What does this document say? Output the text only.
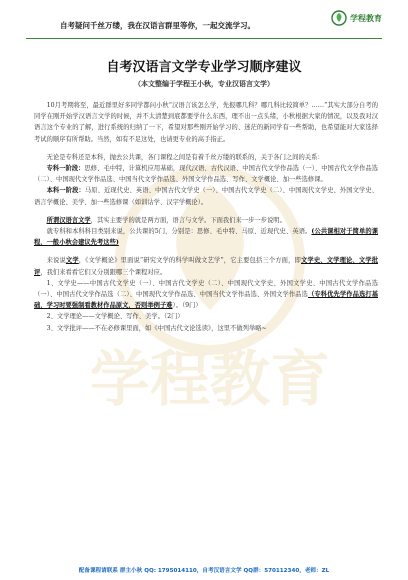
学程教育
自考疑问千丝万缕，我在汉语言群里等你，一起交流学习。
学程教育
自考汉语言文学专业学习顺序建议
（本文整编于学程王小秋，专业汉语言文学）

10月考期将至，最近群里好多同学都问小秋“汉语言该怎么学，先报哪几科？哪几科比较简单？……”其实大部分自考的同学在刚开始学汉语言文学的时候，并不太清楚到底都要学什么东西，理不出一点头绪，小秋根据大家的情况，以及我对汉语言这个专业的了解，进行系统的归纳了一下，希望对那些刚开始学习的、迷茫的新同学有一些帮助，也希望能对大家选择考试的顺序有所帮助。当然，如有不足这处，也请更专业的高手指正。

无论是专科还是本科，抛去公共课，各门课程之间是有着千丝万缕的联系的，关于各门之间的关系：

专科一阶段：思修、毛中特，计算机应用基础，现代汉语、古代汉语、中国古代文学作品选（一）、中国古代文学作品选（二）、中国现代文学作品选、中国当代文学作品选、外国文学作品选、写作、文学概论、加一些选修课。

本科一阶段：马原、近现代史、英语、中国古代文学史（一）、中国古代文学史（二）、中国现代文学史、外国文学史、语言学概论、美学、加一些选修课（如训诂学、汉字学概论）。

所谓汉语言文学，其实主要学的就是两方面，语言与文学。下面我们来一步一步说明。

就专科和本科科目类别来说，公共课的5门，分别是：思修、毛中特、马原、近现代史、英语。(公共课相对于简单的课程，一般小秋会建议先考这些)

来说说文学，《文学概论》里面说“研究文学的科学叫做文艺学”，它主要包括三个方面，即文学史、文学理论、文学批评，我们来看看它们又分别跟哪三个课程对应。

1、文学史——中国古代文学史（一）、中国古代文学史（二）、中国现代文学史、外国文学史、中国古代文学作品选（一）、中国古代文学作品选（二）、中国现代文学作品选、中国当代文学作品选、外国文学作品选（专科优先学作品选打基础，学习时要强制看教材作品原文，否则举例子难）。（9门）

2、文学理论——文学概论、写作、美学。（2门）

3、文学批评——不在必修课里面，如《中国古代文论选读》，这里不做列举略~

配备课程请联系 群主小秋 QQ: 1795014110，自考汉语言文学 QQ群：570112340，老师：ZL
